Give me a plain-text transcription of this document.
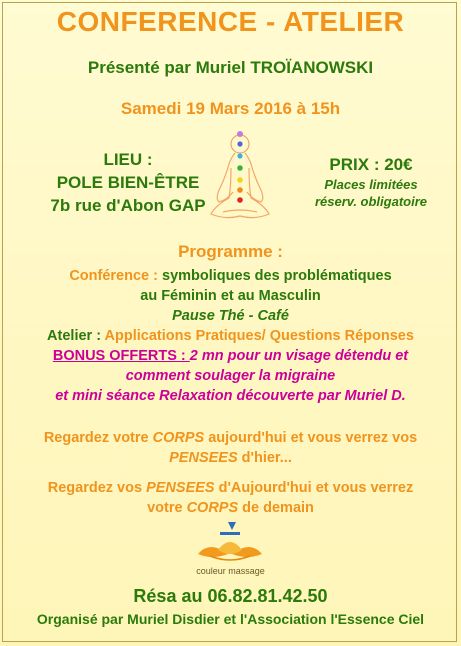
CONFERENCE - ATELIER
Présenté par Muriel TROÏANOWSKI
Samedi 19 Mars 2016 à 15h
LIEU :
POLE BIEN-ÊTRE
7b rue d'Abon GAP
PRIX : 20€
Places limitées
réserv. obligatoire
Programme :
Conférence : symboliques des problématiques
au Féminin et au Masculin
Pause Thé - Café
Atelier : Applications Pratiques/ Questions Réponses
BONUS OFFERTS : 2 mn pour un visage détendu et
comment soulager la migraine
et mini séance Relaxation découverte par Muriel D.
Regardez votre CORPS aujourd'hui et vous verrez vos
PENSEES d'hier...
Regardez vos PENSEES d'Aujourd'hui et vous verrez
votre CORPS de demain
couleur massage
Résa au 06.82.81.42.50
Organisé par Muriel Disdier et l'Association l'Essence Ciel
